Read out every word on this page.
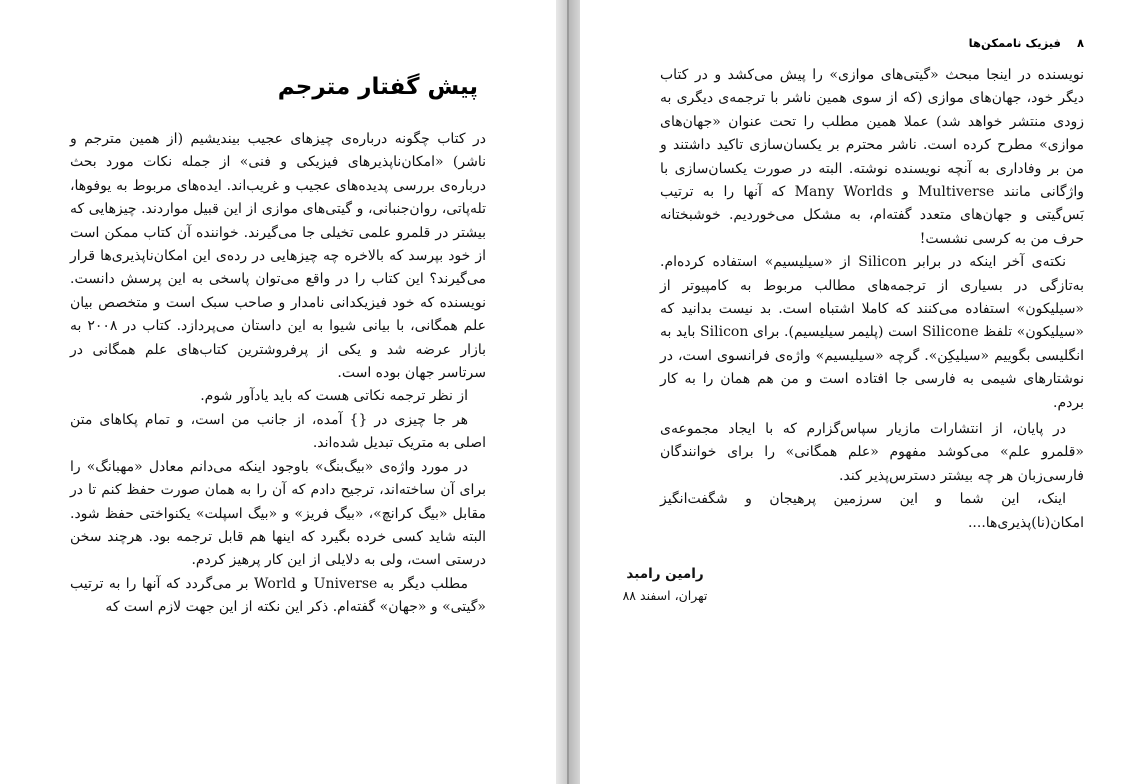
پیش گفتار مترجم

در کتاب چگونه درباره‌ی چیزهای عجیب بیندیشیم (از همین مترجم و ناشر) «امکان‌ناپذیرهای فیزیکی و فنی» از جمله نکات مورد بحث درباره‌ی بررسی پدیده‌های عجیب و غریب‌اند. ایده‌های مربوط به یوفوها، تله‌پاتی، روان‌جنبانی، و گیتی‌های موازی از این قبیل مواردند. چیزهایی که بیشتر در قلمرو علمی تخیلی جا می‌گیرند. خواننده آن کتاب ممکن است از خود بپرسد که بالاخره چه چیزهایی در رده‌ی این امکان‌ناپذیری‌ها قرار می‌گیرند؟ این کتاب را در واقع می‌توان پاسخی به این پرسش دانست. نویسنده که خود فیزیکدانی نامدار و صاحب سبک است و متخصص بیان علم همگانی، با بیانی شیوا به این داستان می‌پردازد. کتاب در ۲۰۰۸ به بازار عرضه شد و یکی از پرفروشترین کتاب‌های علم همگانی در سرتاسر جهان بوده است.

از نظر ترجمه نکاتی هست که باید یادآور شوم.

هر جا چیزی در {} آمده، از جانب من است، و تمام پکاهای متن اصلی به متریک تبدیل شده‌اند.

در مورد واژه‌ی «بیگ‌بنگ» باوجود اینکه می‌دانم معادل «مهبانگ» را برای آن ساخته‌اند، ترجیح دادم که آن را به همان صورت حفظ کنم تا در مقابل «بیگ کرانچ»، «بیگ فریز» و «بیگ اسپلت» یکنواختی حفظ شود. البته شاید کسی خرده بگیرد که اینها هم قابل ترجمه بود. هرچند سخن درستی است، ولی به دلایلی از این کار پرهیز کردم.

مطلب دیگر به Universe و World بر می‌گردد که آنها را به ترتیب «گیتی» و «جهان» گفته‌ام. ذکر این نکته از این جهت لازم است که

۸ فیزیک ناممکن‌ها

نویسنده در اینجا مبحث «گیتی‌های موازی» را پیش می‌کشد و در کتاب دیگر خود، جهان‌های موازی (که از سوی همین ناشر با ترجمه‌ی دیگری به زودی منتشر خواهد شد) عملا همین مطلب را تحت عنوان «جهان‌های موازی» مطرح کرده است. ناشر محترم بر یکسان‌سازی تاکید داشتند و من بر وفاداری به آنچه نویسنده نوشته. البته در صورت یکسان‌سازی با واژگانی مانند Multiverse و Many Worlds که آنها را به ترتیب بَس‌گیتی و جهان‌های متعدد گفته‌ام، به مشکل می‌خوردیم. خوشبختانه حرف من به کرسی نشست!

نکته‌ی آخر اینکه در برابر Silicon از «سیلیسیم» استفاده کرده‌ام. به‌تازگی در بسیاری از ترجمه‌های مطالب مربوط به کامپیوتر از «سیلیکون» استفاده می‌کنند که کاملا اشتباه است. بد نیست بدانید که «سیلیکون» تلفظ Silicone است (پلیمر سیلیسیم). برای Silicon باید به انگلیسی بگوییم «سیلیکِن». گرچه «سیلیسیم» واژه‌ی فرانسوی است، در نوشتارهای شیمی به فارسی جا افتاده است و من هم همان را به کار بردم.

در پایان، از انتشارات مازیار سپاس‌گزارم که با ایجاد مجموعه‌ی «قلمرو علم» می‌کوشد مفهوم «علم همگانی» را برای خوانندگان فارسی‌زبان هر چه بیشتر دسترس‌پذیر کند.

اینک، این شما و این سرزمین پرهیجان و شگفت‌انگیز امکان(نا)پذیری‌ها....

رامین رامبد
تهران، اسفند ۸۸
